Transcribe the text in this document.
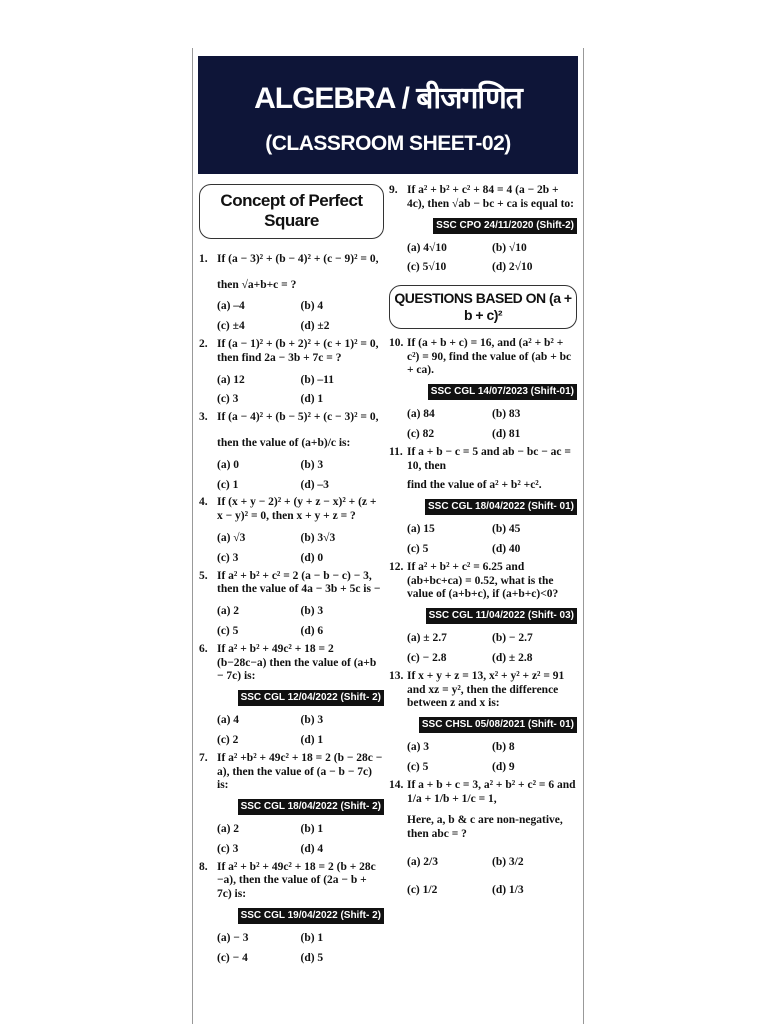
ALGEBRA / बीजगणित
(CLASSROOM SHEET-02)
Concept of Perfect Square
1. If (a − 3)² + (b − 4)² + (c − 9)² = 0,
then √a+b+c = ?
(a) –4	(b) 4
(c) ±4	(d) ±2
2. If (a − 1)² + (b + 2)² + (c + 1)² = 0, then find 2a − 3b + 7c = ?
(a) 12	(b) –11
(c) 3	(d) 1
3. If (a − 4)² + (b − 5)² + (c − 3)² = 0,
then the value of (a+b)/c is:
(a) 0	(b) 3
(c) 1	(d) –3
4. If (x + y − 2)² + (y + z − x)² + (z + x − y)² = 0, then x + y + z = ?
(a) √3	(b) 3√3
(c) 3	(d) 0
5. If a² + b² + c² = 2 (a − b − c) − 3, then the value of 4a − 3b + 5c is −
(a) 2	(b) 3
(c) 5	(d) 6
6. If a² + b² + 49c² + 18 = 2 (b−28c−a) then the value of (a+b − 7c) is:
SSC CGL 12/04/2022 (Shift- 2)
(a) 4	(b) 3
(c) 2	(d) 1
7. If a² +b² + 49c² + 18 = 2 (b − 28c − a), then the value of (a − b − 7c) is:
SSC CGL 18/04/2022 (Shift- 2)
(a) 2	(b) 1
(c) 3	(d) 4
8. If a² + b² + 49c² + 18 = 2 (b + 28c −a), then the value of (2a − b + 7c) is:
SSC CGL 19/04/2022 (Shift- 2)
(a) − 3	(b) 1
(c) − 4	(d) 5
9. If a² + b² + c² + 84 = 4 (a − 2b + 4c), then √ab − bc + ca is equal to:
SSC CPO 24/11/2020 (Shift-2)
(a) 4√10	(b) √10
(c) 5√10	(d) 2√10
QUESTIONS BASED ON (a + b + c)²
10. If (a + b + c) = 16, and (a² + b² + c²) = 90, find the value of (ab + bc + ca).
SSC CGL 14/07/2023 (Shift-01)
(a) 84	(b) 83
(c) 82	(d) 81
11. If a + b − c = 5 and ab − bc − ac = 10, then
find the value of a² + b² +c².
SSC CGL 18/04/2022 (Shift- 01)
(a) 15	(b) 45
(c) 5	(d) 40
12. If a² + b² + c² = 6.25 and (ab+bc+ca) = 0.52, what is the value of (a+b+c), if (a+b+c)<0?
SSC CGL 11/04/2022 (Shift- 03)
(a) ± 2.7	(b) − 2.7
(c) − 2.8	(d) ± 2.8
13. If x + y + z = 13, x² + y² + z² = 91 and xz = y², then the difference between z and x is:
SSC CHSL 05/08/2021 (Shift- 01)
(a) 3	(b) 8
(c) 5	(d) 9
14. If a + b + c = 3, a² + b² + c² = 6 and 1/a + 1/b + 1/c = 1,
Here, a, b & c are non-negative, then abc = ?
(a) 2/3	(b) 3/2
(c) 1/2	(d) 1/3
